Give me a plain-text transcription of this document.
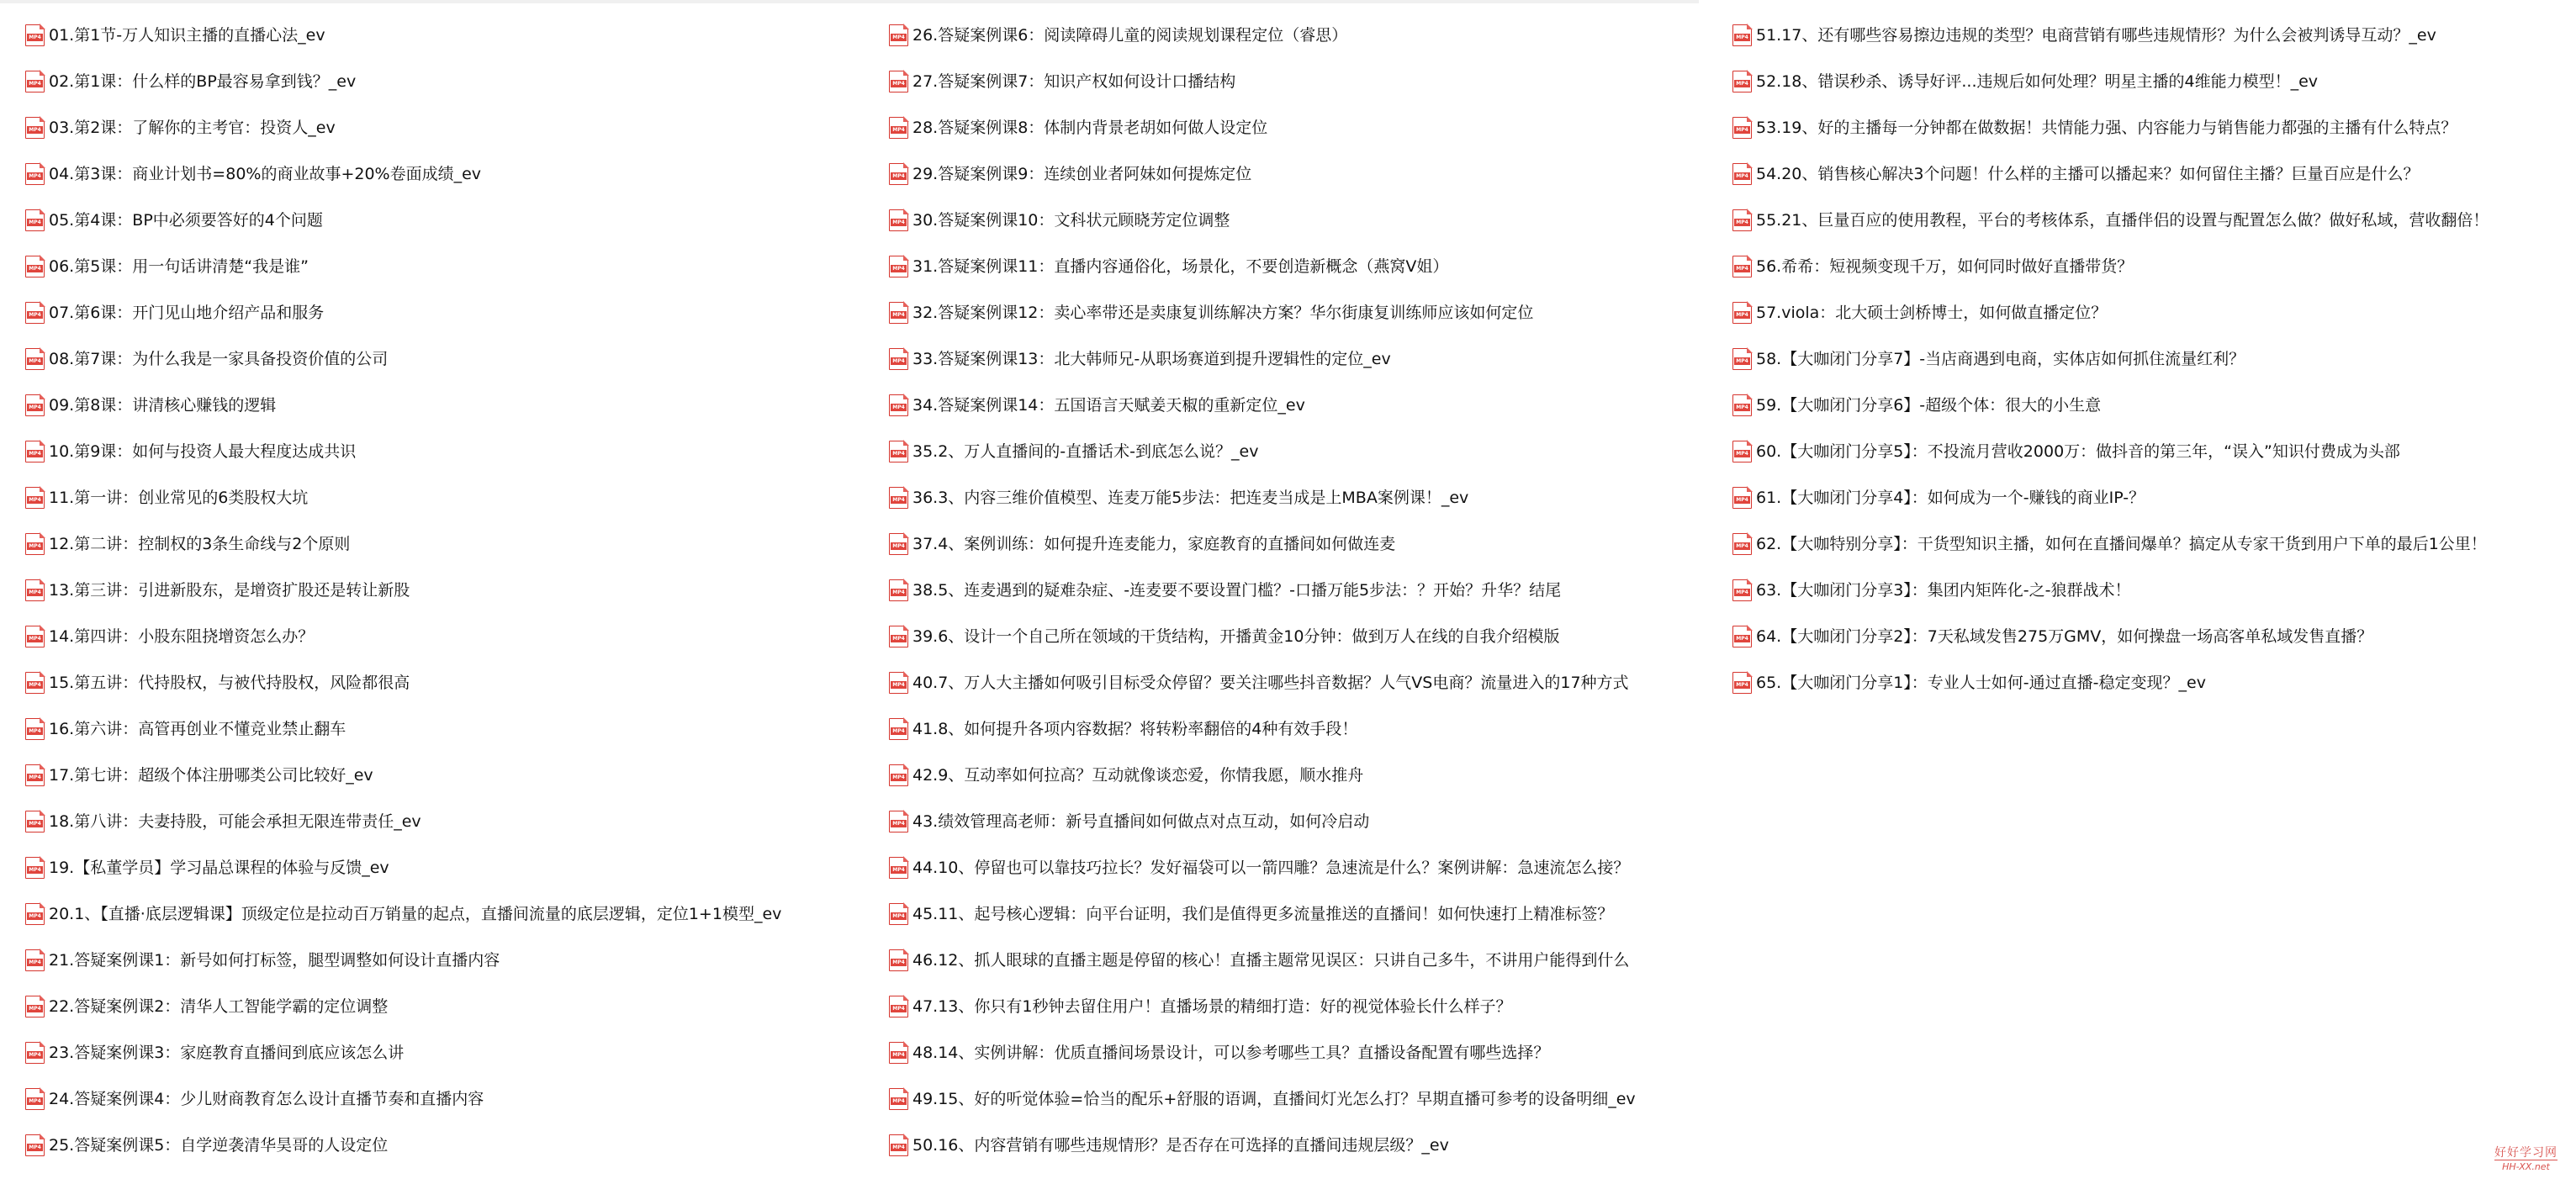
MP4 01.第1节-万人知识主播的直播心法_ev
MP4 02.第1课：什么样的BP最容易拿到钱？_ev
MP4 03.第2课：了解你的主考官：投资人_ev
MP4 04.第3课：商业计划书=80%的商业故事+20%卷面成绩_ev
MP4 05.第4课：BP中必须要答好的4个问题
MP4 06.第5课：用一句话讲清楚“我是谁”
MP4 07.第6课：开门见山地介绍产品和服务
MP4 08.第7课：为什么我是一家具备投资价值的公司
MP4 09.第8课：讲清核心赚钱的逻辑
MP4 10.第9课：如何与投资人最大程度达成共识
MP4 11.第一讲：创业常见的6类股权大坑
MP4 12.第二讲：控制权的3条生命线与2个原则
MP4 13.第三讲：引进新股东，是增资扩股还是转让新股
MP4 14.第四讲：小股东阻挠增资怎么办？
MP4 15.第五讲：代持股权，与被代持股权，风险都很高
MP4 16.第六讲：高管再创业不懂竞业禁止翻车
MP4 17.第七讲：超级个体注册哪类公司比较好_ev
MP4 18.第八讲：夫妻持股，可能会承担无限连带责任_ev
MP4 19.【私董学员】学习晶总课程的体验与反馈_ev
MP4 20.1、【直播·底层逻辑课】顶级定位是拉动百万销量的起点，直播间流量的底层逻辑，定位1+1模型_ev
MP4 21.答疑案例课1：新号如何打标签，腿型调整如何设计直播内容
MP4 22.答疑案例课2：清华人工智能学霸的定位调整
MP4 23.答疑案例课3：家庭教育直播间到底应该怎么讲
MP4 24.答疑案例课4：少儿财商教育怎么设计直播节奏和直播内容
MP4 25.答疑案例课5：自学逆袭清华昊哥的人设定位
MP4 26.答疑案例课6：阅读障碍儿童的阅读规划课程定位（睿思）
MP4 27.答疑案例课7：知识产权如何设计口播结构
MP4 28.答疑案例课8：体制内背景老胡如何做人设定位
MP4 29.答疑案例课9：连续创业者阿妹如何提炼定位
MP4 30.答疑案例课10：文科状元顾晓芳定位调整
MP4 31.答疑案例课11：直播内容通俗化，场景化，不要创造新概念（燕窝V姐）
MP4 32.答疑案例课12：卖心率带还是卖康复训练解决方案？华尔街康复训练师应该如何定位
MP4 33.答疑案例课13：北大韩师兄-从职场赛道到提升逻辑性的定位_ev
MP4 34.答疑案例课14：五国语言天赋姜天椒的重新定位_ev
MP4 35.2、万人直播间的-直播话术-到底怎么说？_ev
MP4 36.3、内容三维价值模型、连麦万能5步法：把连麦当成是上MBA案例课！_ev
MP4 37.4、案例训练：如何提升连麦能力，家庭教育的直播间如何做连麦
MP4 38.5、连麦遇到的疑难杂症、-连麦要不要设置门槛？-口播万能5步法：？开始？升华？结尾
MP4 39.6、设计一个自己所在领域的干货结构，开播黄金10分钟：做到万人在线的自我介绍模版
MP4 40.7、万人大主播如何吸引目标受众停留？要关注哪些抖音数据？人气VS电商？流量进入的17种方式
MP4 41.8、如何提升各项内容数据？将转粉率翻倍的4种有效手段！
MP4 42.9、互动率如何拉高？互动就像谈恋爱，你情我愿，顺水推舟
MP4 43.绩效管理高老师：新号直播间如何做点对点互动，如何冷启动
MP4 44.10、停留也可以靠技巧拉长？发好福袋可以一箭四雕？急速流是什么？案例讲解：急速流怎么接？
MP4 45.11、起号核心逻辑：向平台证明，我们是值得更多流量推送的直播间！如何快速打上精准标签？
MP4 46.12、抓人眼球的直播主题是停留的核心！直播主题常见误区：只讲自己多牛，不讲用户能得到什么
MP4 47.13、你只有1秒钟去留住用户！直播场景的精细打造：好的视觉体验长什么样子？
MP4 48.14、实例讲解：优质直播间场景设计，可以参考哪些工具？直播设备配置有哪些选择？
MP4 49.15、好的听觉体验=恰当的配乐+舒服的语调，直播间灯光怎么打？早期直播可参考的设备明细_ev
MP4 50.16、内容营销有哪些违规情形？是否存在可选择的直播间违规层级？_ev
MP4 51.17、还有哪些容易擦边违规的类型？电商营销有哪些违规情形？为什么会被判诱导互动？_ev
MP4 52.18、错误秒杀、诱导好评...违规后如何处理？明星主播的4维能力模型！_ev
MP4 53.19、好的主播每一分钟都在做数据！共情能力强、内容能力与销售能力都强的主播有什么特点？
MP4 54.20、销售核心解决3个问题！什么样的主播可以播起来？如何留住主播？巨量百应是什么？
MP4 55.21、巨量百应的使用教程，平台的考核体系，直播伴侣的设置与配置怎么做？做好私域，营收翻倍！
MP4 56.希希：短视频变现千万，如何同时做好直播带货？
MP4 57.viola：北大硕士剑桥博士，如何做直播定位？
MP4 58.【大咖闭门分享7】-当店商遇到电商，实体店如何抓住流量红利？
MP4 59.【大咖闭门分享6】-超级个体：很大的小生意
MP4 60.【大咖闭门分享5】：不投流月营收2000万：做抖音的第三年，“误入”知识付费成为头部
MP4 61.【大咖闭门分享4】：如何成为一个-赚钱的商业IP-？
MP4 62.【大咖特别分享】：干货型知识主播，如何在直播间爆单？搞定从专家干货到用户下单的最后1公里！
MP4 63.【大咖闭门分享3】：集团内矩阵化-之-狼群战术！
MP4 64.【大咖闭门分享2】：7天私域发售275万GMV，如何操盘一场高客单私域发售直播？
MP4 65.【大咖闭门分享1】：专业人士如何-通过直播-稳定变现？_ev
好好学习网
HH-XX.net
